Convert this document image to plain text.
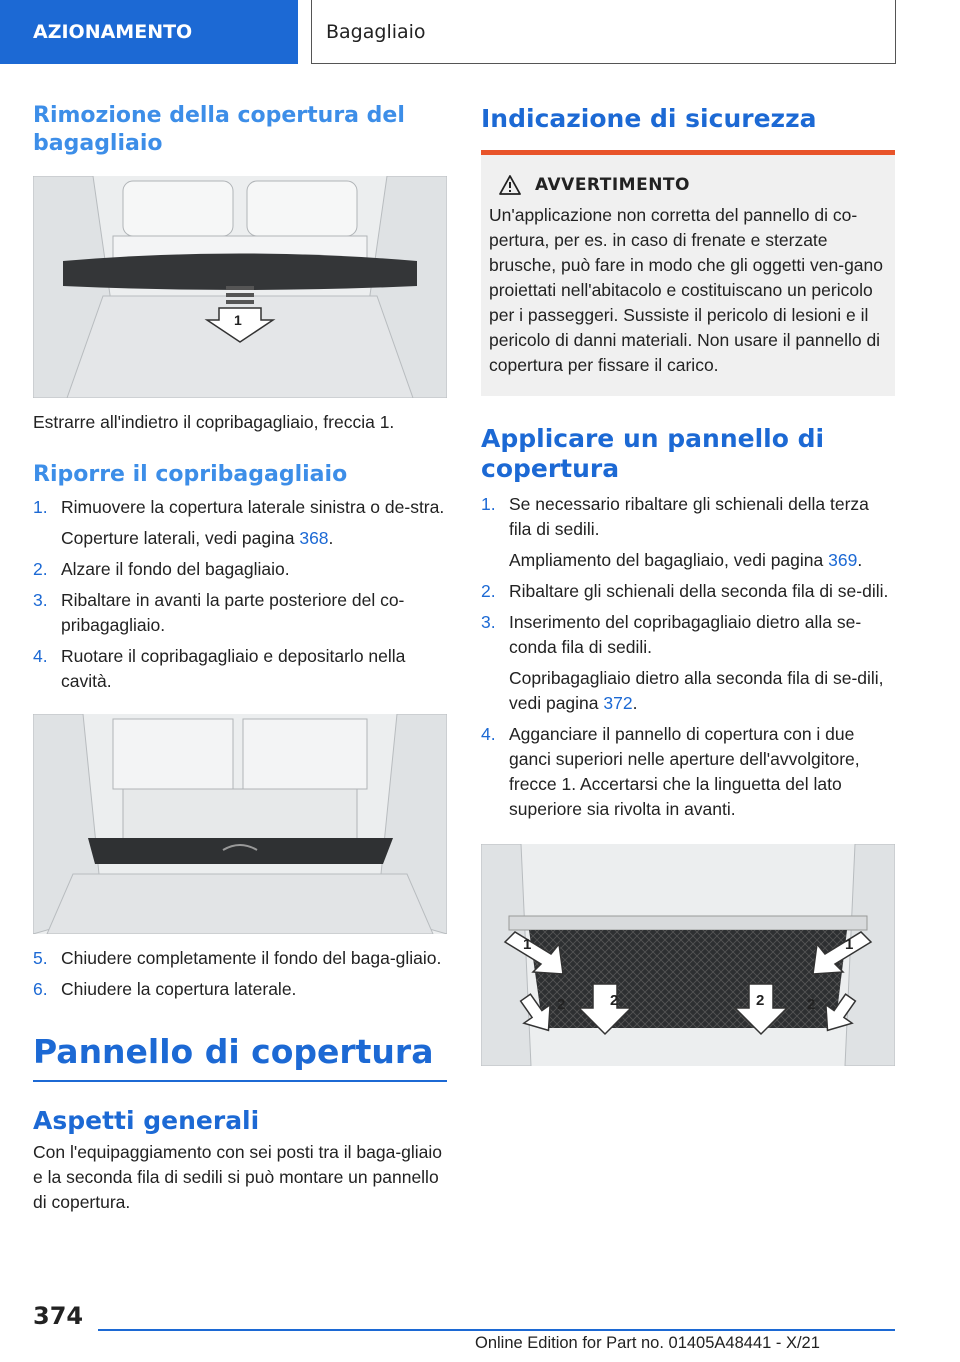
AZIONAMENTO	Bagagliaio
Rimozione della copertura del bagagliaio
1

Estrarre all'indietro il copribagagliaio, freccia 1.

Riporre il copribagagliaio
1. Rimuovere la copertura laterale sinistra o de‐stra.
Coperture laterali, vedi pagina 368.
2. Alzare il fondo del bagagliaio.
3. Ribaltare in avanti la parte posteriore del co‐pribagagliaio.
4. Ruotare il copribagagliaio e depositarlo nella cavità.
5. Chiudere completamente il fondo del baga‐gliaio.
6. Chiudere la copertura laterale.
Pannello di copertura
Aspetti generali

Con l'equipaggiamento con sei posti tra il baga‐gliaio e la seconda fila di sedili si può montare un pannello di copertura.

Indicazione di sicurezza
AVVERTIMENTO

Un'applicazione non corretta del pannello di co‐pertura, per es. in caso di frenate e sterzate brusche, può fare in modo che gli oggetti ven‐gano proiettati nell'abitacolo e costituiscano un pericolo per i passeggeri. Sussiste il pericolo di lesioni e il pericolo di danni materiali. Non usare il pannello di copertura per fissare il carico.

Applicare un pannello di copertura
1. Se necessario ribaltare gli schienali della terza fila di sedili.
Ampliamento del bagagliaio, vedi pagina 369.
2. Ribaltare gli schienali della seconda fila di se‐dili.
3. Inserimento del copribagagliaio dietro alla se‐conda fila di sedili.
Copribagagliaio dietro alla seconda fila di se‐dili, vedi pagina 372.
4. Agganciare il pannello di copertura con i due ganci superiori nelle aperture dell'avvolgitore, frecce 1. Accertarsi che la linguetta del lato superiore sia rivolta in avanti.
1	1
2	2	2	2
374
Online Edition for Part no. 01405A48441 - X/21
